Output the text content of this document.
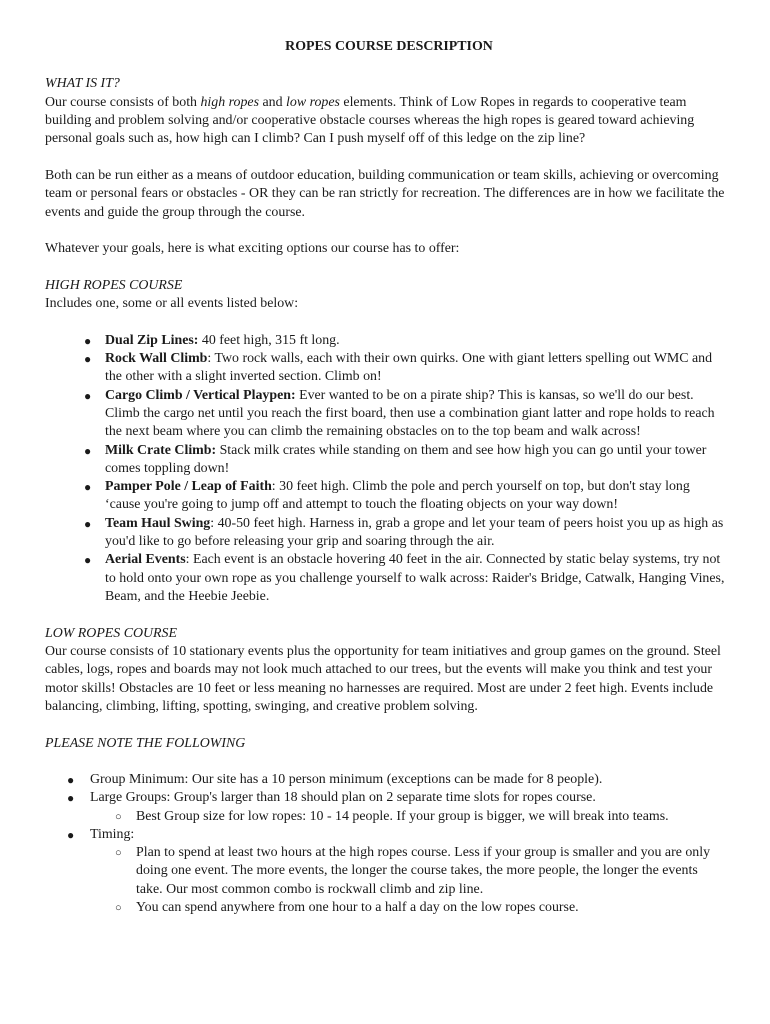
ROPES COURSE DESCRIPTION

WHAT IS IT?

Our course consists of both high ropes and low ropes elements. Think of Low Ropes in regards to cooperative team building and problem solving and/or cooperative obstacle courses whereas the high ropes is geared toward achieving personal goals such as, how high can I climb? Can I push myself off of this ledge on the zip line?

Both can be run either as a means of outdoor education, building communication or team skills, achieving or overcoming team or personal fears or obstacles - OR they can be ran strictly for recreation. The differences are in how we facilitate the events and guide the group through the course.

Whatever your goals, here is what exciting options our course has to offer:

HIGH ROPES COURSE

Includes one, some or all events listed below:

● Dual Zip Lines: 40 feet high, 315 ft long.
● Rock Wall Climb: Two rock walls, each with their own quirks. One with giant letters spelling out WMC and the other with a slight inverted section. Climb on!
● Cargo Climb / Vertical Playpen: Ever wanted to be on a pirate ship? This is kansas, so we'll do our best. Climb the cargo net until you reach the first board, then use a combination giant latter and rope holds to reach the next beam where you can climb the remaining obstacles on to the top beam and walk across!
● Milk Crate Climb: Stack milk crates while standing on them and see how high you can go until your tower comes toppling down!
● Pamper Pole / Leap of Faith: 30 feet high. Climb the pole and perch yourself on top, but don't stay long ‘cause you're going to jump off and attempt to touch the floating objects on your way down!
● Team Haul Swing: 40-50 feet high. Harness in, grab a grope and let your team of peers hoist you up as high as you'd like to go before releasing your grip and soaring through the air.
● Aerial Events: Each event is an obstacle hovering 40 feet in the air. Connected by static belay systems, try not to hold onto your own rope as you challenge yourself to walk across: Raider's Bridge, Catwalk, Hanging Vines, Beam, and the Heebie Jeebie.

LOW ROPES COURSE

Our course consists of 10 stationary events plus the opportunity for team initiatives and group games on the ground. Steel cables, logs, ropes and boards may not look much attached to our trees, but the events will make you think and test your motor skills! Obstacles are 10 feet or less meaning no harnesses are required. Most are under 2 feet high. Events include balancing, climbing, lifting, spotting, swinging, and creative problem solving.

PLEASE NOTE THE FOLLOWING

● Group Minimum: Our site has a 10 person minimum (exceptions can be made for 8 people).
● Large Groups: Group's larger than 18 should plan on 2 separate time slots for ropes course.
○ Best Group size for low ropes: 10 - 14 people. If your group is bigger, we will break into teams.
● Timing:
○ Plan to spend at least two hours at the high ropes course. Less if your group is smaller and you are only doing one event. The more events, the longer the course takes, the more people, the longer the events take. Our most common combo is rockwall climb and zip line.
○ You can spend anywhere from one hour to a half a day on the low ropes course.
